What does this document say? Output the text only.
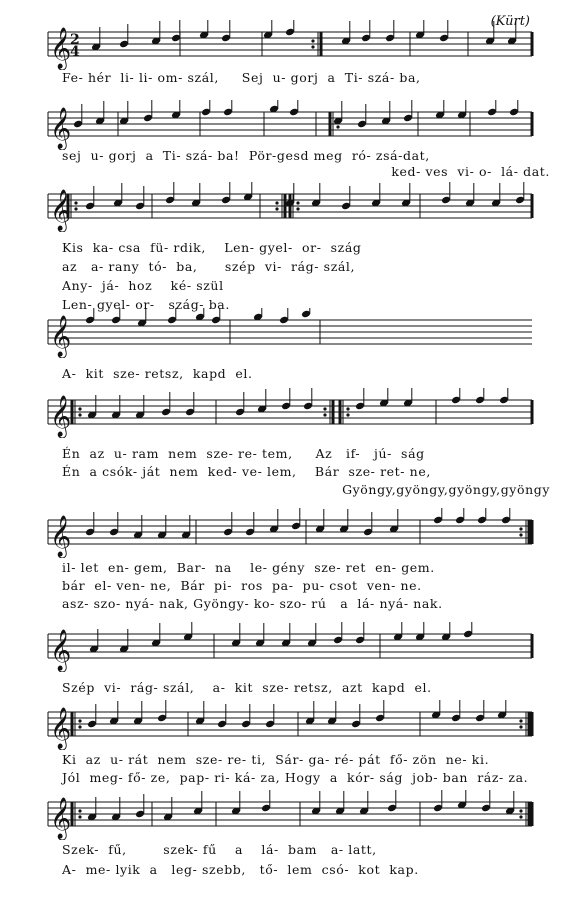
(Kürt)
𝄞
2
4
Fe- hér  li- li- om- szál,     Sej  u- gorj  a  Ti- szá- ba,
𝄞
sej  u- gorj  a  Ti- szá- ba!  Pör-gesd meg  ró- zsá-dat,
ked- ves  vi- o-  lá- dat.
𝄞
Kis  ka- csa  fü- rdik,    Len- gyel-  or-  szág
az   a- rany  tó-  ba,      szép  vi-  rág- szál,
Any-  já-  hoz    ké- szül
Len- gyel- or-   szág- ba.
𝄞
A-  kit  sze- retsz,  kapd  el.
𝄞
Én  az  u- ram  nem  sze- re- tem,     Az   if-   jú-  ság
Én  a csók- ját  nem  ked- ve- lem,    Bár  sze- ret- ne,
Gyöngy,gyöngy,gyöngy,gyöngy
𝄞
il- let  en- gem,  Bar-  na    le- gény  sze- ret  en- gem.
bár  el- ven- ne,  Bár  pi-  ros  pa-  pu- csot  ven- ne.
asz- szo- nyá- nak, Gyöngy- ko- szo- rú   a  lá- nyá- nak.
𝄞
Szép  vi-  rág- szál,    a-  kit  sze- retsz,  azt  kapd  el.
𝄞
Ki  az  u- rát  nem  sze- re- ti,  Sár- ga- ré- pát  fő- zön  ne- ki.
Jól  meg- fő- ze,  pap- ri- ká- za, Hogy  a  kór- ság  job- ban  ráz- za.
𝄞
Szek-  fű,        szek- fű    a    lá-  bam   a- latt,
A-  me- lyik  a   leg- szebb,   tő-  lem  csó-  kot  kap.
